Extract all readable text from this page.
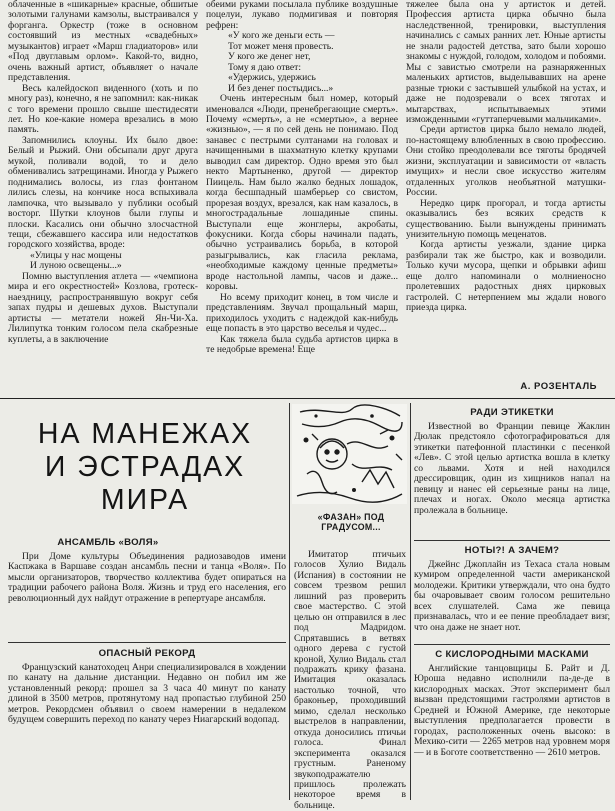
облаченные в «шикарные» красные, обшитые золотыми галунами камзолы, выстраивался у форганга. Оркестр (тоже в основном состоявший из местных «свадебных» музыкантов) играет «Марш гладиаторов» или «Под двуглавым орлом». Какой-то, видно, очень важный артист, объявляет о начале представления.

Весь калейдоскоп виденного (хоть и по многу раз), конечно, я не запомнил: как-никак с того времени прошло свыше шестидесяти лет. Но кое-какие номера врезались в мою память.

Запомнились клоуны. Их было двое: Белый и Рыжий. Они обсыпали друг друга мукой, поливали водой, то и дело обменивались затрещинами. Иногда у Рыжего поднимались волосы, из глаз фонтаном лились слезы, на кончике носа вспыхивала лампочка, что вызывало у публики особый восторг. Шутки клоунов были глупы и плоски. Касались они обычно злосчастной тещи, сбежавшего кассира или недостатков городского хозяйства, вроде:

«Улицы у нас мощены

И луною освещены...»

Помню выступления атлета — «чемпиона мира и его окрестностей» Козлова, гротеск-наездницу, распространявшую вокруг себя запах пудры и дешевых духов. Выступали артисты — метатели ножей Ян-Чи-Ха. Лилипутка тонким голосом пела скабрезные куплеты, а в заключение

обеими руками посылала публике воздушные поцелуи, лукаво подмигивая и повторяя рефрен:

«У кого же деньги есть —

Тот может меня провесть.

У кого же денег нет,

Тому я даю ответ:

«Удержись, удержись

И без денег постыдись...»

Очень интересным был номер, который именовался «Люди, пренебрегающие смерть». Почему «смерть», а не «смертью», а вернее «жизнью», — я по сей день не понимаю. Под занавес с пестрыми султанами на головах и начищенными в шахматную клетку крупами выводил сам директор. Одно время это был некто Мартыненко, другой — директор Пиицель. Нам было жалко бедных лошадок, когда бесшпадный шамберьер со свистом, прорезая воздух, врезался, как нам казалось, в многострадальные лошадиные спины. Выступали еще жонглеры, акробаты, фокусники. Когда сборы начинали падать, обычно устраивались борьба, в которой разыгрывались, как гласила реклама, «необходимые каждому ценные предметы» вроде настольной лампы, часов и даже... коровы.

Но всему приходит конец, в том числе и представлениям. Звучал прощальный марш, приходилось уходить с надеждой как-нибудь еще попасть в это царство веселья и чудес...

Как тяжела была судьба артистов цирка в те недобрые времена! Еще

тяжелее была она у артисток и детей. Профессия артиста цирка обычно была наследственной, тренировки, выступления начинались с самых ранних лет. Юные артисты не знали радостей детства, зато были хорошо знакомы с нуждой, голодом, холодом и побоями. Мы с завистью смотрели на разнаряженных маленьких артистов, выделывавших на арене разные трюки с застывшей улыбкой на устах, и даже не подозревали о всех тяготах и мытарствах, испытываемых этими изможденными «гуттаперчевыми мальчиками».

Среди артистов цирка было немало людей, по-настоящему влюбленных в свою профессию. Они стойко преодолевали все тяготы бродячей жизни, эксплуатации и зависимости от «власть имущих» и несли свое искусство жителям отдаленных уголков необъятной матушки-России.

Нередко цирк прогорал, и тогда артисты оказывались без всяких средств к существованию. Были вынуждены принимать унизительную помощь меценатов.

Когда артисты уезжали, здание цирка разбирали так же быстро, как и возводили. Только кучи мусора, щепки и обрывки афиш еще долго напоминали о молниеносно пролетевших радостных днях цирковых гастролей. С нетерпением мы ждали нового приезда цирка.

А. РОЗЕНТАЛЬ
НА МАНЕЖАХ
И ЭСТРАДАХ
МИРА
АНСАМБЛЬ «ВОЛЯ»

При Доме культуры Объединения радиозаводов имени Каспжака в Варшаве создан ансамбль песни и танца «Воля». По мысли организаторов, творчество коллектива будет опираться на традиции рабочего района Воля. Жизнь и труд его населения, его революционный дух найдут отражение в репертуаре ансамбля.

ОПАСНЫЙ РЕКОРД

Французский канатоходец Анри специализировался в хождении по канату на дальние дистанции. Недавно он побил им же установленный рекорд: прошел за 3 часа 40 минут по канату длиной в 3500 метров, протянутому над пропастью глубиной 250 метров. Рекордсмен объявил о своем намерении в недалеком будущем совершить переход по канату через Ниагарский водопад.

«ФАЗАН» ПОД ГРАДУСОМ...

Имитатор птичьих голосов Хулио Видаль (Испания) в состоянии не совсем трезвом решил лишний раз проверить свое мастерство. С этой целью он отправился в лес под Мадридом. Спрятавшись в ветвях одного дерева с густой кроной, Хулио Видаль стал подражать крику фазана. Имитация оказалась настолько точной, что браконьер, проходивший мимо, сделал несколько выстрелов в направлении, откуда доносились птичьи голоса. Финал эксперимента оказался грустным. Раненому звукоподражателю пришлось пролежать некоторое время в больнице.

РАДИ ЭТИКЕТКИ

Известной во Франции певице Жаклин Дюлак предстояло сфотографироваться для этикетки патефонной пластинки с песенкой «Лев». С этой целью артистка вошла в клетку со львами. Хотя и ней находился дрессировщик, один из хищников напал на певицу и нанес ей серьезные раны на лице, плечах и ногах. Около месяца артистка пролежала в больнице.

НОТЫ?! А ЗАЧЕМ?

Джейнс Джоплайн из Техаса стала новым кумиром определенной части американской молодежи. Критики утверждали, что она будто бы очаровывает своим голосом решительно всех слушателей. Сама же певица признавалась, что и ее пение преобладает визг, что она даже не знает нот.

С КИСЛОРОДНЫМИ МАСКАМИ

Английские танцовщицы Б. Райт и Д. Юроша недавно исполнили па-де-де в кислородных масках. Этот эксперимент был вызван предстоящими гастролями артистов в Средней и Южной Америке, где некоторые выступления предполагается провести в городах, расположенных очень высоко: в Мехико-сити — 2265 метров над уровнем моря — и в Боготе соответственно — 2610 метров.
